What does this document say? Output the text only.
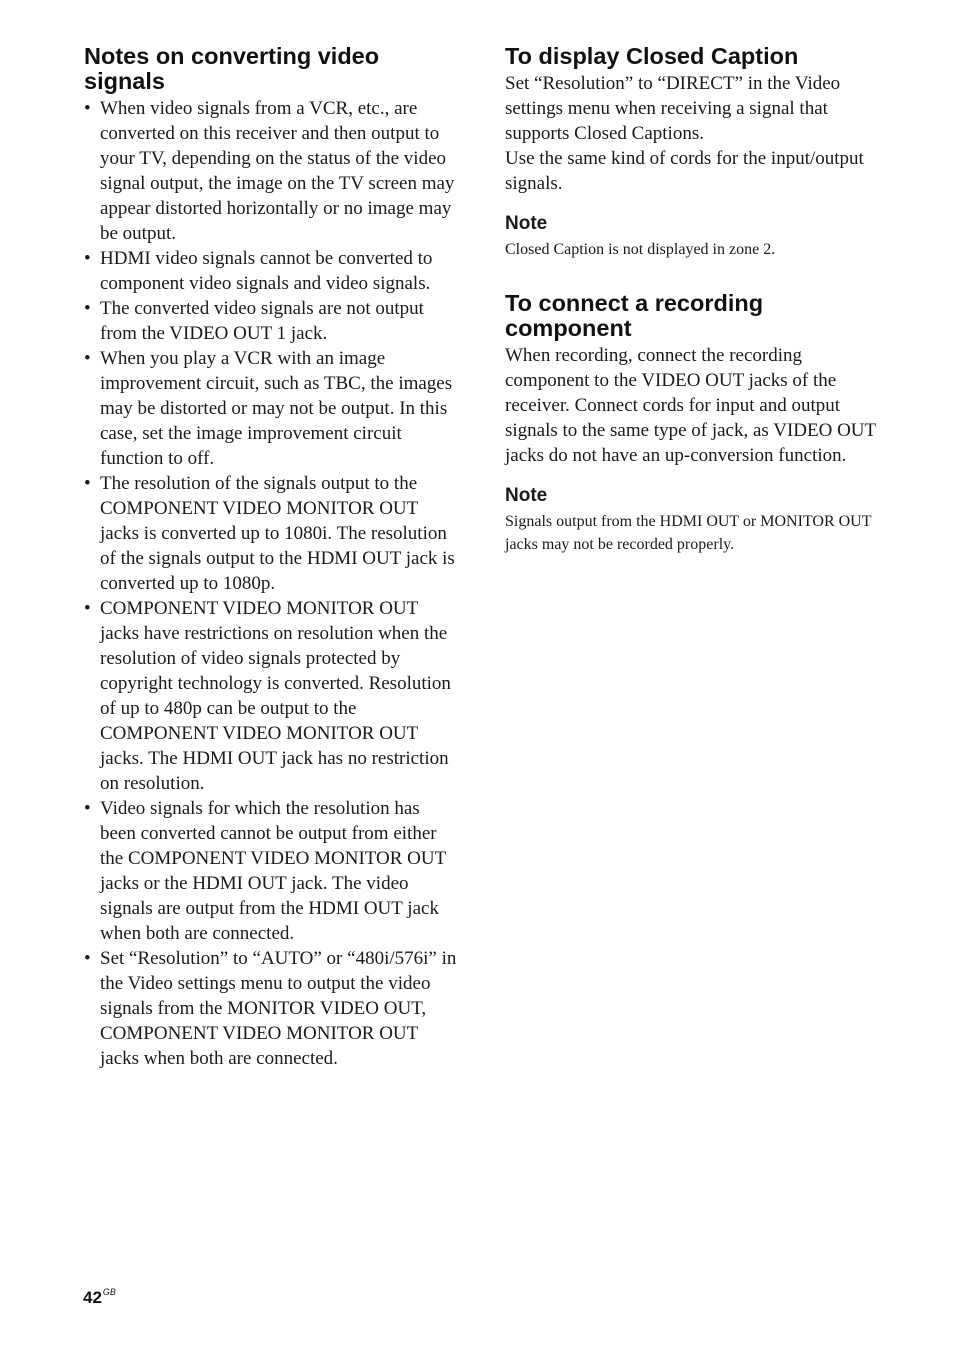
Notes on converting video signals
• When video signals from a VCR, etc., are converted on this receiver and then output to your TV, depending on the status of the video signal output, the image on the TV screen may appear distorted horizontally or no image may be output.
• HDMI video signals cannot be converted to component video signals and video signals.
• The converted video signals are not output from the VIDEO OUT 1 jack.
• When you play a VCR with an image improvement circuit, such as TBC, the images may be distorted or may not be output. In this case, set the image improvement circuit function to off.
• The resolution of the signals output to the COMPONENT VIDEO MONITOR OUT jacks is converted up to 1080i. The resolution of the signals output to the HDMI OUT jack is converted up to 1080p.
• COMPONENT VIDEO MONITOR OUT jacks have restrictions on resolution when the resolution of video signals protected by copyright technology is converted. Resolution of up to 480p can be output to the COMPONENT VIDEO MONITOR OUT jacks. The HDMI OUT jack has no restriction on resolution.
• Video signals for which the resolution has been converted cannot be output from either the COMPONENT VIDEO MONITOR OUT jacks or the HDMI OUT jack. The video signals are output from the HDMI OUT jack when both are connected.
• Set “Resolution” to “AUTO” or “480i/576i” in the Video settings menu to output the video signals from the MONITOR VIDEO OUT, COMPONENT VIDEO MONITOR OUT jacks when both are connected.
To display Closed Caption

Set “Resolution” to “DIRECT” in the Video settings menu when receiving a signal that supports Closed Captions.

Use the same kind of cords for the input/output signals.

Note

Closed Caption is not displayed in zone 2.

To connect a recording component

When recording, connect the recording component to the VIDEO OUT jacks of the receiver. Connect cords for input and output signals to the same type of jack, as VIDEO OUT jacks do not have an up-conversion function.

Note

Signals output from the HDMI OUT or MONITOR OUT jacks may not be recorded properly.

$42^{GB}$
